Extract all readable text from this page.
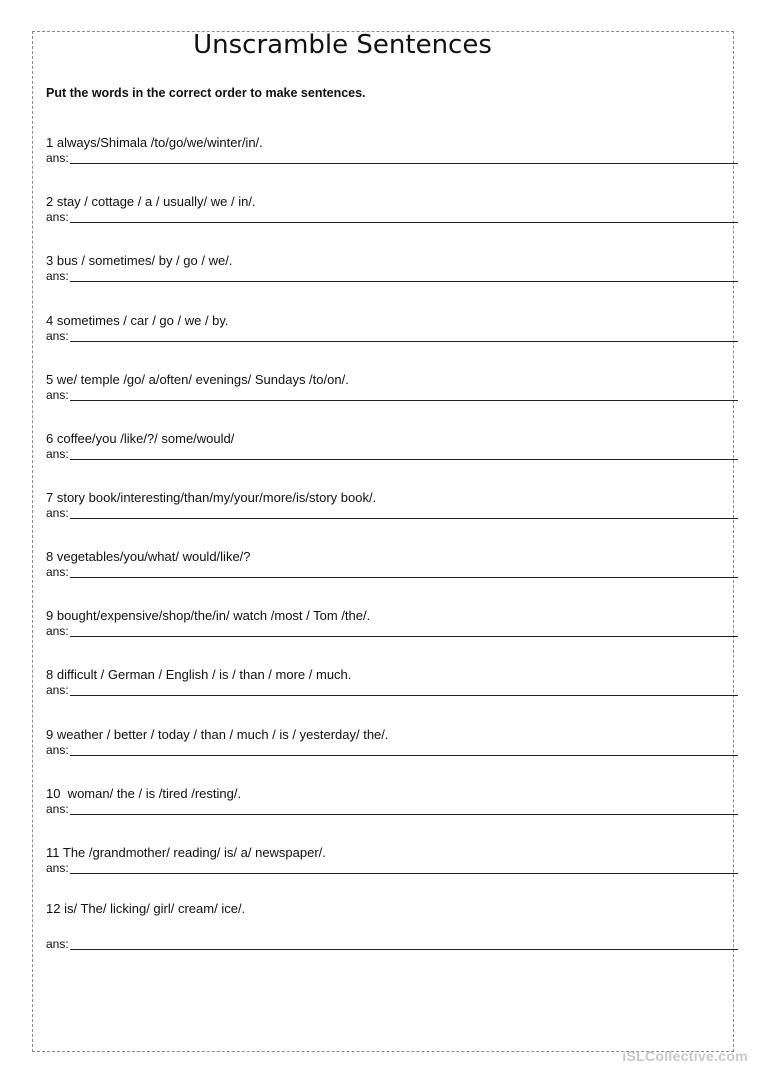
Unscramble Sentences

Put the words in the correct order to make sentences.

1 always/Shimala /to/go/we/winter/in/.

ans:

2 stay / cottage / a / usually/ we / in/.

ans:

3 bus / sometimes/ by / go / we/.

ans:

4 sometimes / car / go / we / by.

ans:

5 we/ temple /go/ a/often/ evenings/ Sundays /to/on/.

ans:

6 coffee/you /like/?/ some/would/

ans:

7 story book/interesting/than/my/your/more/is/story book/.

ans:

8 vegetables/you/what/ would/like/?

ans:

9 bought/expensive/shop/the/in/ watch /most / Tom /the/.

ans:

8 difficult / German / English / is / than / more / much.

ans:

9 weather / better / today / than / much / is / yesterday/ the/.

ans:

10  woman/ the / is /tired /resting/.

ans:

11 The /grandmother/ reading/ is/ a/ newspaper/.

ans:

12 is/ The/ licking/ girl/ cream/ ice/.

ans:
iSLCollective.com
